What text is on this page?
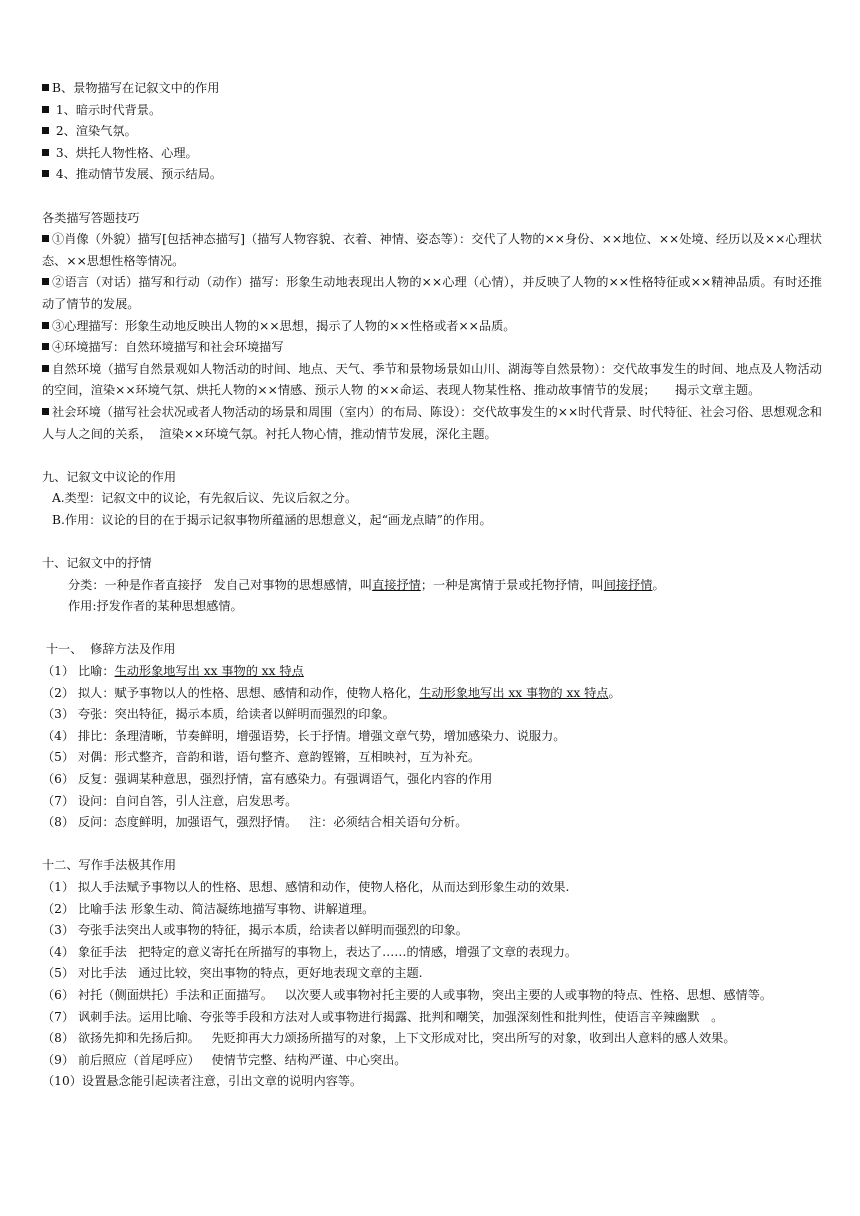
B、景物描写在记叙文中的作用
1、暗示时代背景。
2、渲染气氛。
3、烘托人物性格、心理。
4、推动情节发展、预示结局。
各类描写答题技巧
①肖像（外貌）描写[包括神态描写]（描写人物容貌、衣着、神情、姿态等）：交代了人物的××身份、××地位、××处境、经历以及××心理状态、××思想性格等情况。
②语言（对话）描写和行动（动作）描写：形象生动地表现出人物的××心理（心情），并反映了人物的××性格特征或××精神品质。有时还推动了情节的发展。
③心理描写：形象生动地反映出人物的××思想，揭示了人物的××性格或者××品质。
④环境描写：自然环境描写和社会环境描写
自然环境（描写自然景观如人物活动的时间、地点、天气、季节和景物场景如山川、湖海等自然景物）：交代故事发生的时间、地点及人物活动的空间，渲染××环境气氛、烘托人物的××情感、预示人物 的××命运、表现人物某性格、推动故事情节的发展；     揭示文章主题。
社会环境（描写社会状况或者人物活动的场景和周围（室内）的布局、陈设）：交代故事发生的××时代背景、时代特征、社会习俗、思想观念和人与人之间的关系，  渲染××环境气氛。衬托人物心情，推动情节发展，深化主题。
九、记叙文中议论的作用
A.类型：记叙文中的议论，有先叙后议、先议后叙之分。
B.作用：议论的目的在于揭示记叙事物所蕴涵的思想意义，起“画龙点睛”的作用。
十、记叙文中的抒情
分类：一种是作者直接抒   发自己对事物的思想感情，叫直接抒情；一种是寓情于景或托物抒情，叫间接抒情。
作用:抒发作者的某种思想感情。
十一、  修辞方法及作用
（1） 比喻：生动形象地写出 xx 事物的 xx 特点
（2） 拟人：赋予事物以人的性格、思想、感情和动作，使物人格化，生动形象地写出 xx 事物的 xx 特点。
（3） 夸张：突出特征，揭示本质，给读者以鲜明而强烈的印象。
（4） 排比：条理清晰，节奏鲜明，增强语势，长于抒情。增强文章气势，增加感染力、说服力。
（5） 对偶：形式整齐，音韵和谐，语句整齐、意韵铿锵，互相映衬，互为补充。
（6） 反复：强调某种意思，强烈抒情，富有感染力。有强调语气，强化内容的作用
（7） 设问：自问自答，引人注意，启发思考。
（8） 反问：态度鲜明，加强语气，强烈抒情。   注：必须结合相关语句分析。
十二、写作手法极其作用
（1） 拟人手法赋予事物以人的性格、思想、感情和动作，使物人格化，从而达到形象生动的效果.
（2） 比喻手法 形象生动、简洁凝练地描写事物、讲解道理。
（3） 夸张手法突出人或事物的特征，揭示本质，给读者以鲜明而强烈的印象。
（4） 象征手法   把特定的意义寄托在所描写的事物上，表达了……的情感，增强了文章的表现力。
（5） 对比手法   通过比较，突出事物的特点，更好地表现文章的主题.
（6） 衬托（侧面烘托）手法和正面描写。   以次要人或事物衬托主要的人或事物，突出主要的人或事物的特点、性格、思想、感情等。
（7） 讽刺手法。运用比喻、夸张等手段和方法对人或事物进行揭露、批判和嘲笑，加强深刻性和批判性，使语言辛辣幽默   。
（8） 欲扬先抑和先扬后抑。   先贬抑再大力颂扬所描写的对象，上下文形成对比，突出所写的对象，收到出人意料的感人效果。
（9） 前后照应（首尾呼应）   使情节完整、结构严谨、中心突出。
（10）设置悬念能引起读者注意，引出文章的说明内容等。
